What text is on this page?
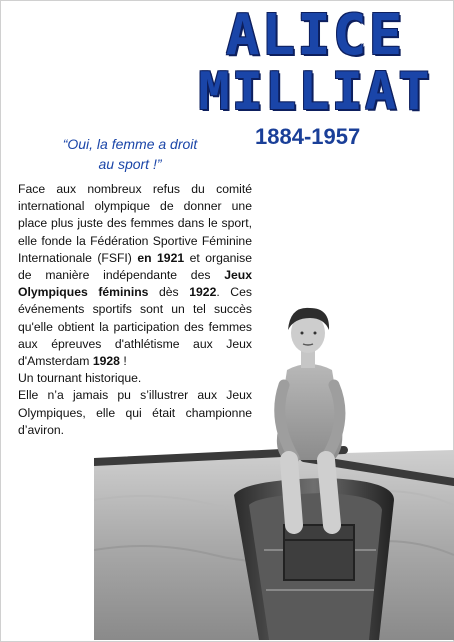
ALICE
MILLIAT
1884-1957
“Oui, la femme a droit
au sport !”

Face aux nombreux refus du comité international olympique de donner une place plus juste des femmes dans le sport, elle fonde la Fédération Sportive Féminine Internationale (FSFI) en 1921 et organise de manière indépendante des Jeux Olympiques féminins dès 1922. Ces événements sportifs sont un tel succès qu'elle obtient la participation des femmes aux épreuves d'athlétisme aux Jeux d'Amsterdam 1928 !

Un tournant historique.

Elle n’a jamais pu s’illustrer aux Jeux Olympiques, elle qui était championne d’aviron.
